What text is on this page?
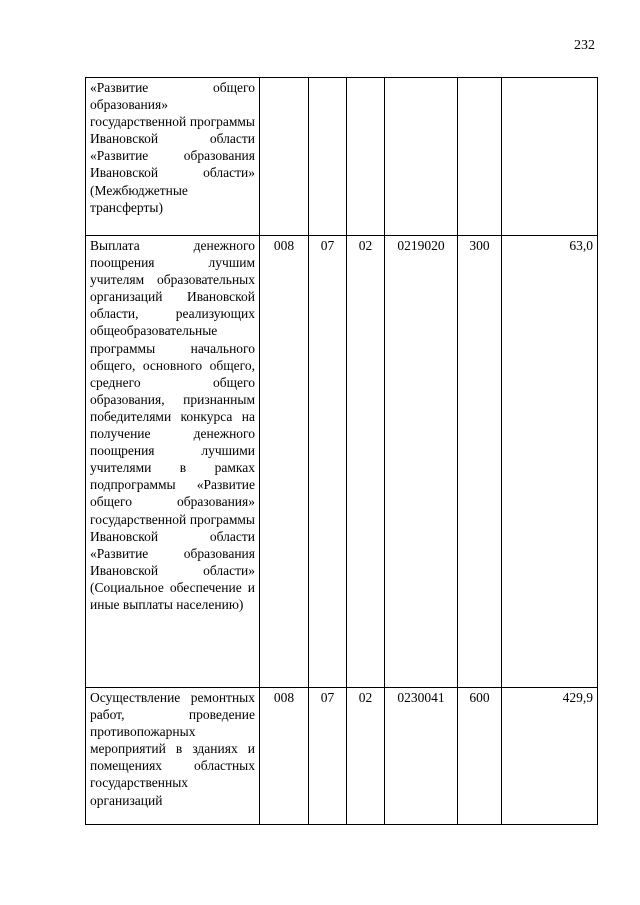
232
«Развитие общего образования» государственной программы Ивановской области «Развитие образования Ивановской области» (Межбюджетные трансферты)						
Выплата денежного поощрения лучшим учителям образовательных организаций Ивановской области, реализующих общеобразовательные программы начального общего, основного общего, среднего общего образования, признанным победителями конкурса на получение денежного поощрения лучшими учителями в рамках подпрограммы «Развитие общего образования» государственной программы Ивановской области «Развитие образования Ивановской области» (Социальное обеспечение и иные выплаты населению)	008	07	02	0219020	300	63,0
Осуществление ремонтных работ, проведение противопожарных мероприятий в зданиях и помещениях областных государственных организаций	008	07	02	0230041	600	429,9
